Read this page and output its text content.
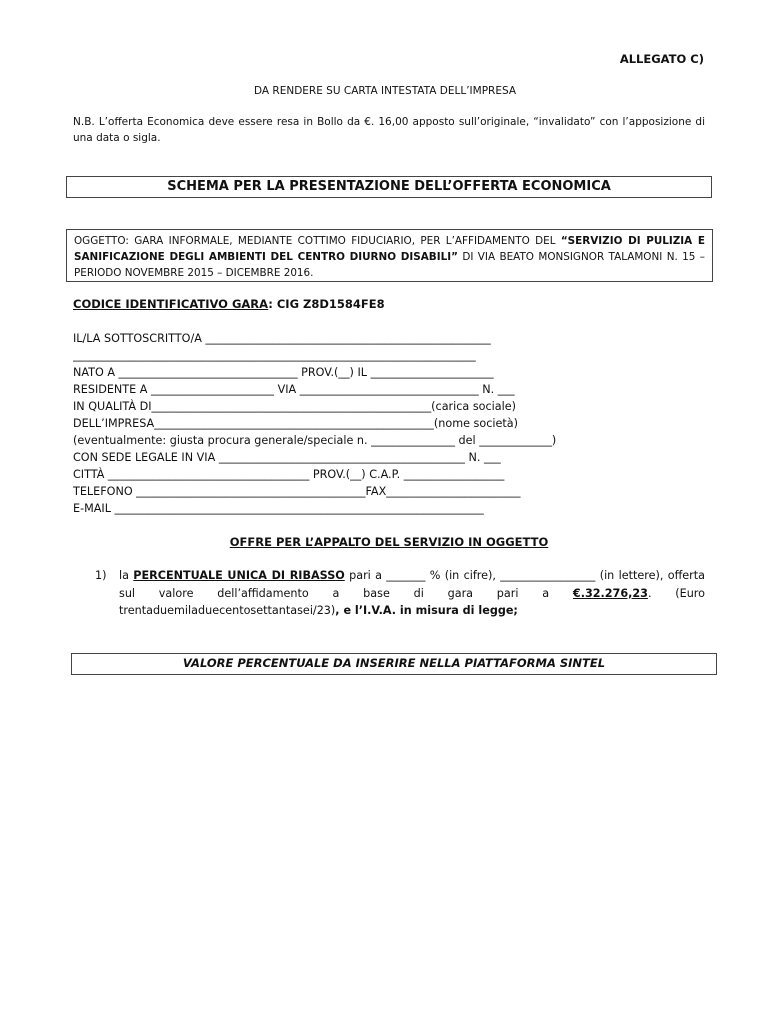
ALLEGATO C)
DA RENDERE SU CARTA INTESTATA DELL’IMPRESA
N.B. L’offerta Economica deve essere resa in Bollo da €. 16,00 apposto sull’originale, “invalidato” con l’apposizione di una data o sigla.
SCHEMA PER LA PRESENTAZIONE DELL’OFFERTA ECONOMICA
OGGETTO: GARA INFORMALE, MEDIANTE COTTIMO FIDUCIARIO, PER L’AFFIDAMENTO DEL “SERVIZIO DI PULIZIA E SANIFICAZIONE DEGLI AMBIENTI DEL CENTRO DIURNO DISABILI” DI VIA BEATO MONSIGNOR TALAMONI N. 15 – PERIODO NOVEMBRE 2015 – DICEMBRE 2016.
CODICE IDENTIFICATIVO GARA: CIG Z8D1584FE8
IL/LA SOTTOSCRITTO/A ___________________________________________________
________________________________________________________________________
NATO A ________________________________ PROV.(__) IL ______________________
RESIDENTE A ______________________ VIA ________________________________ N. ___
IN QUALITÀ DI__________________________________________________(carica sociale)
DELL’IMPRESA__________________________________________________(nome società)
(eventualmente: giusta procura generale/speciale n. _______________ del _____________)
CON SEDE LEGALE IN VIA ____________________________________________ N. ___
CITTÀ ____________________________________ PROV.(__) C.A.P. __________________
TELEFONO _________________________________________FAX________________________
E-MAIL __________________________________________________________________
OFFRE PER L’APPALTO DEL SERVIZIO IN OGGETTO
1) la PERCENTUALE UNICA DI RIBASSO pari a _______ % (in cifre), _________________ (in lettere), offerta sul valore dell’affidamento a base di gara pari a €.32.276,23. (Euro trentaduemiladuecentosettantasei/23), e l’I.V.A. in misura di legge;
VALORE PERCENTUALE DA INSERIRE NELLA PIATTAFORMA SINTEL
